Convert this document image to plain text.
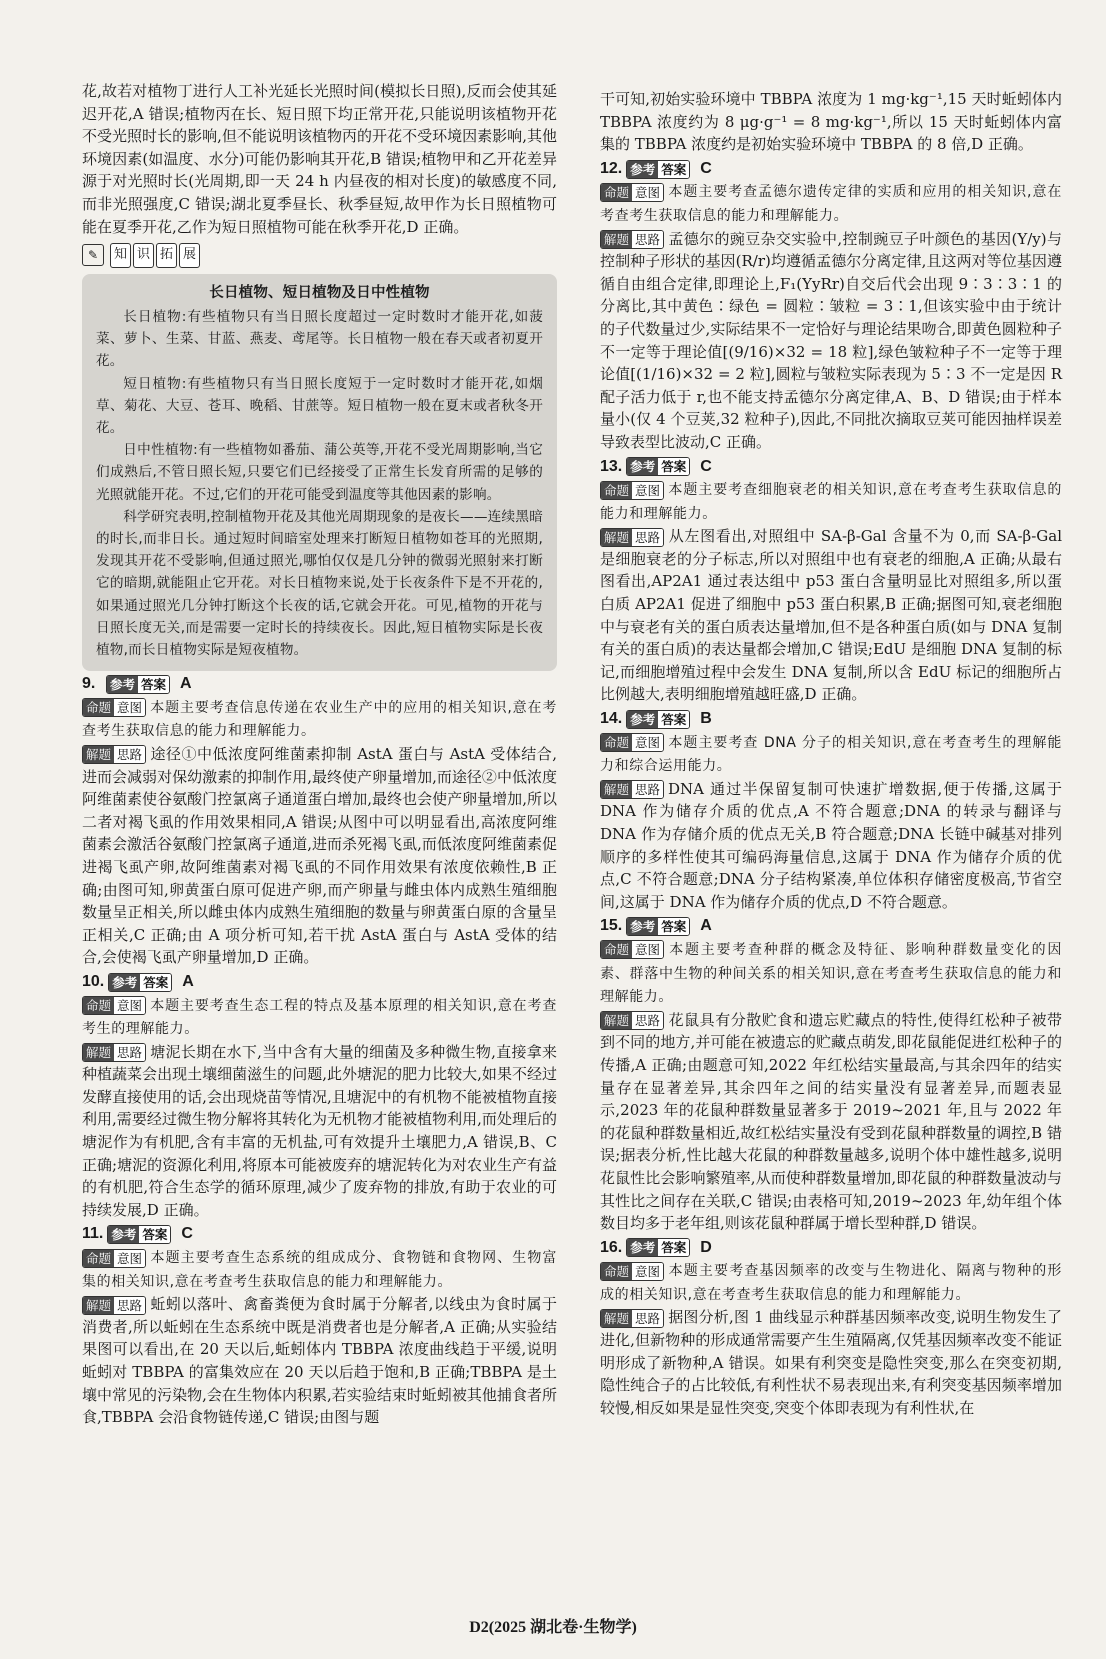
花,故若对植物丁进行人工补光延长光照时间(模拟长日照),反而会使其延迟开花,A 错误;植物丙在长、短日照下均正常开花,只能说明该植物开花不受光照时长的影响,但不能说明该植物丙的开花不受环境因素影响,其他环境因素(如温度、水分)可能仍影响其开花,B 错误;植物甲和乙开花差异源于对光照时长(光周期,即一天 24 h 内昼夜的相对长度)的敏感度不同,而非光照强度,C 错误;湖北夏季昼长、秋季昼短,故甲作为长日照植物可能在夏季开花,乙作为短日照植物可能在秋季开花,D 正确。

✎	知 识 拓 展
长日植物、短日植物及日中性植物

长日植物:有些植物只有当日照长度超过一定时数时才能开花,如菠菜、萝卜、生菜、甘蓝、燕麦、鸢尾等。长日植物一般在春天或者初夏开花。

短日植物:有些植物只有当日照长度短于一定时数时才能开花,如烟草、菊花、大豆、苍耳、晚稻、甘蔗等。短日植物一般在夏末或者秋冬开花。

日中性植物:有一些植物如番茄、蒲公英等,开花不受光周期影响,当它们成熟后,不管日照长短,只要它们已经接受了正常生长发育所需的足够的光照就能开花。不过,它们的开花可能受到温度等其他因素的影响。

科学研究表明,控制植物开花及其他光周期现象的是夜长——连续黑暗的时长,而非日长。通过短时间暗室处理来打断短日植物如苍耳的光照期,发现其开花不受影响,但通过照光,哪怕仅仅是几分钟的微弱光照射来打断它的暗期,就能阻止它开花。对长日植物来说,处于长夜条件下是不开花的,如果通过照光几分钟打断这个长夜的话,它就会开花。可见,植物的开花与日照长度无关,而是需要一定时长的持续夜长。因此,短日植物实际是长夜植物,而长日植物实际是短夜植物。

9.	参考 答案 A

命题 意图 本题主要考查信息传递在农业生产中的应用的相关知识,意在考查考生获取信息的能力和理解能力。

解题 思路 途径①中低浓度阿维菌素抑制 AstA 蛋白与 AstA 受体结合,进而会减弱对保幼激素的抑制作用,最终使产卵量增加,而途径②中低浓度阿维菌素使谷氨酸门控氯离子通道蛋白增加,最终也会使产卵量增加,所以二者对褐飞虱的作用效果相同,A 错误;从图中可以明显看出,高浓度阿维菌素会激活谷氨酸门控氯离子通道,进而杀死褐飞虱,而低浓度阿维菌素促进褐飞虱产卵,故阿维菌素对褐飞虱的不同作用效果有浓度依赖性,B 正确;由图可知,卵黄蛋白原可促进产卵,而产卵量与雌虫体内成熟生殖细胞数量呈正相关,所以雌虫体内成熟生殖细胞的数量与卵黄蛋白原的含量呈正相关,C 正确;由 A 项分析可知,若干扰 AstA 蛋白与 AstA 受体的结合,会使褐飞虱产卵量增加,D 正确。

10. 参考 答案 A

命题 意图 本题主要考查生态工程的特点及基本原理的相关知识,意在考查考生的理解能力。

解题 思路 塘泥长期在水下,当中含有大量的细菌及多种微生物,直接拿来种植蔬菜会出现土壤细菌滋生的问题,此外塘泥的肥力比较大,如果不经过发酵直接使用的话,会出现烧苗等情况,且塘泥中的有机物不能被植物直接利用,需要经过微生物分解将其转化为无机物才能被植物利用,而处理后的塘泥作为有机肥,含有丰富的无机盐,可有效提升土壤肥力,A 错误,B、C 正确;塘泥的资源化利用,将原本可能被废弃的塘泥转化为对农业生产有益的有机肥,符合生态学的循环原理,减少了废弃物的排放,有助于农业的可持续发展,D 正确。

11. 参考 答案 C

命题 意图 本题主要考查生态系统的组成成分、食物链和食物网、生物富集的相关知识,意在考查考生获取信息的能力和理解能力。

解题 思路 蚯蚓以落叶、禽畜粪便为食时属于分解者,以线虫为食时属于消费者,所以蚯蚓在生态系统中既是消费者也是分解者,A 正确;从实验结果图可以看出,在 20 天以后,蚯蚓体内 TBBPA 浓度曲线趋于平缓,说明蚯蚓对 TBBPA 的富集效应在 20 天以后趋于饱和,B 正确;TBBPA 是土壤中常见的污染物,会在生物体内积累,若实验结束时蚯蚓被其他捕食者所食,TBBPA 会沿食物链传递,C 错误;由图与题

干可知,初始实验环境中 TBBPA 浓度为 1 mg·kg⁻¹,15 天时蚯蚓体内 TBBPA 浓度约为 8 μg·g⁻¹ = 8 mg·kg⁻¹,所以 15 天时蚯蚓体内富集的 TBBPA 浓度约是初始实验环境中 TBBPA 的 8 倍,D 正确。

12. 参考 答案 C

命题 意图 本题主要考查孟德尔遗传定律的实质和应用的相关知识,意在考查考生获取信息的能力和理解能力。

解题 思路 孟德尔的豌豆杂交实验中,控制豌豆子叶颜色的基因(Y/y)与控制种子形状的基因(R/r)均遵循孟德尔分离定律,且这两对等位基因遵循自由组合定律,即理论上,F₁(YyRr)自交后代会出现 9∶3∶3∶1 的分离比,其中黄色∶绿色 = 圆粒∶皱粒 = 3∶1,但该实验中由于统计的子代数量过少,实际结果不一定恰好与理论结果吻合,即黄色圆粒种子不一定等于理论值[(9/16)×32 = 18 粒],绿色皱粒种子不一定等于理论值[(1/16)×32 = 2 粒],圆粒与皱粒实际表现为 5∶3 不一定是因 R 配子活力低于 r,也不能支持孟德尔分离定律,A、B、D 错误;由于样本量小(仅 4 个豆荚,32 粒种子),因此,不同批次摘取豆荚可能因抽样误差导致表型比波动,C 正确。

13. 参考 答案 C

命题 意图 本题主要考查细胞衰老的相关知识,意在考查考生获取信息的能力和理解能力。

解题 思路 从左图看出,对照组中 SA-β-Gal 含量不为 0,而 SA-β-Gal 是细胞衰老的分子标志,所以对照组中也有衰老的细胞,A 正确;从最右图看出,AP2A1 通过表达组中 p53 蛋白含量明显比对照组多,所以蛋白质 AP2A1 促进了细胞中 p53 蛋白积累,B 正确;据图可知,衰老细胞中与衰老有关的蛋白质表达量增加,但不是各种蛋白质(如与 DNA 复制有关的蛋白质)的表达量都会增加,C 错误;EdU 是细胞 DNA 复制的标记,而细胞增殖过程中会发生 DNA 复制,所以含 EdU 标记的细胞所占比例越大,表明细胞增殖越旺盛,D 正确。

14. 参考 答案 B

命题 意图 本题主要考查 DNA 分子的相关知识,意在考查考生的理解能力和综合运用能力。

解题 思路 DNA 通过半保留复制可快速扩增数据,便于传播,这属于 DNA 作为储存介质的优点,A 不符合题意;DNA 的转录与翻译与 DNA 作为存储介质的优点无关,B 符合题意;DNA 长链中碱基对排列顺序的多样性使其可编码海量信息,这属于 DNA 作为储存介质的优点,C 不符合题意;DNA 分子结构紧凑,单位体积存储密度极高,节省空间,这属于 DNA 作为储存介质的优点,D 不符合题意。

15. 参考 答案 A

命题 意图 本题主要考查种群的概念及特征、影响种群数量变化的因素、群落中生物的种间关系的相关知识,意在考查考生获取信息的能力和理解能力。

解题 思路 花鼠具有分散贮食和遗忘贮藏点的特性,使得红松种子被带到不同的地方,并可能在被遗忘的贮藏点萌发,即花鼠能促进红松种子的传播,A 正确;由题意可知,2022 年红松结实量最高,与其余四年的结实量存在显著差异,其余四年之间的结实量没有显著差异,而题表显示,2023 年的花鼠种群数量显著多于 2019~2021 年,且与 2022 年的花鼠种群数量相近,故红松结实量没有受到花鼠种群数量的调控,B 错误;据表分析,性比越大花鼠的种群数量越多,说明个体中雄性越多,说明花鼠性比会影响繁殖率,从而使种群数量增加,即花鼠的种群数量波动与其性比之间存在关联,C 错误;由表格可知,2019~2023 年,幼年组个体数目均多于老年组,则该花鼠种群属于增长型种群,D 错误。

16. 参考 答案 D

命题 意图 本题主要考查基因频率的改变与生物进化、隔离与物种的形成的相关知识,意在考查考生获取信息的能力和理解能力。

解题 思路 据图分析,图 1 曲线显示种群基因频率改变,说明生物发生了进化,但新物种的形成通常需要产生生殖隔离,仅凭基因频率改变不能证明形成了新物种,A 错误。如果有利突变是隐性突变,那么在突变初期,隐性纯合子的占比较低,有利性状不易表现出来,有利突变基因频率增加较慢,相反如果是显性突变,突变个体即表现为有利性状,在

D2(2025 湖北卷·生物学)
